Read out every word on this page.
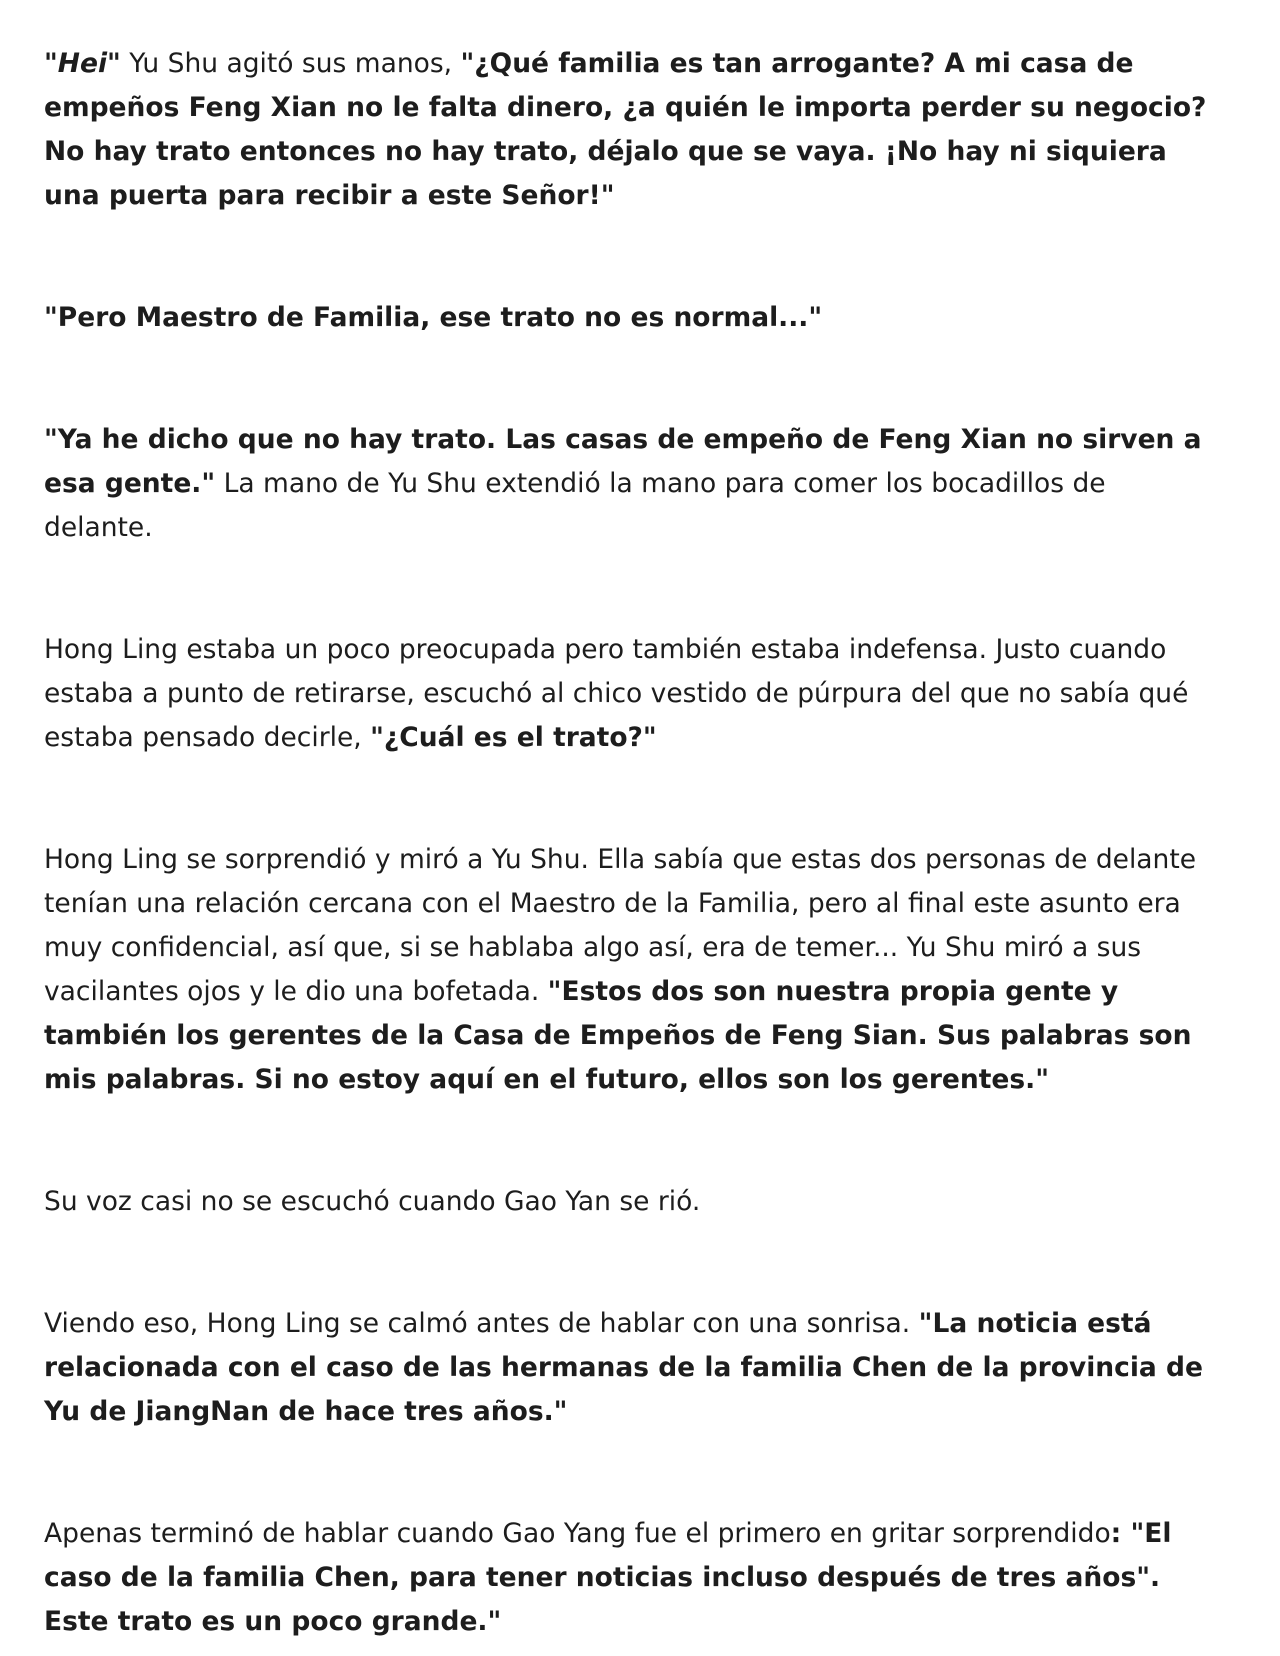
"Hei" Yu Shu agitó sus manos, "¿Qué familia es tan arrogante? A mi casa de empeños Feng Xian no le falta dinero, ¿a quién le importa perder su negocio? No hay trato entonces no hay trato, déjalo que se vaya. ¡No hay ni siquiera una puerta para recibir a este Señor!"

"Pero Maestro de Familia, ese trato no es normal..."

"Ya he dicho que no hay trato. Las casas de empeño de Feng Xian no sirven a esa gente." La mano de Yu Shu extendió la mano para comer los bocadillos de delante.

Hong Ling estaba un poco preocupada pero también estaba indefensa. Justo cuando estaba a punto de retirarse, escuchó al chico vestido de púrpura del que no sabía qué estaba pensado decirle, "¿Cuál es el trato?"

Hong Ling se sorprendió y miró a Yu Shu. Ella sabía que estas dos personas de delante tenían una relación cercana con el Maestro de la Familia, pero al final este asunto era muy confidencial, así que, si se hablaba algo así, era de temer... Yu Shu miró a sus vacilantes ojos y le dio una bofetada. "Estos dos son nuestra propia gente y también los gerentes de la Casa de Empeños de Feng Sian. Sus palabras son mis palabras. Si no estoy aquí en el futuro, ellos son los gerentes."

Su voz casi no se escuchó cuando Gao Yan se rió.

Viendo eso, Hong Ling se calmó antes de hablar con una sonrisa. "La noticia está relacionada con el caso de las hermanas de la familia Chen de la provincia de Yu de JiangNan de hace tres años."

Apenas terminó de hablar cuando Gao Yang fue el primero en gritar sorprendido: "El caso de la familia Chen, para tener noticias incluso después de tres años". Este trato es un poco grande."
